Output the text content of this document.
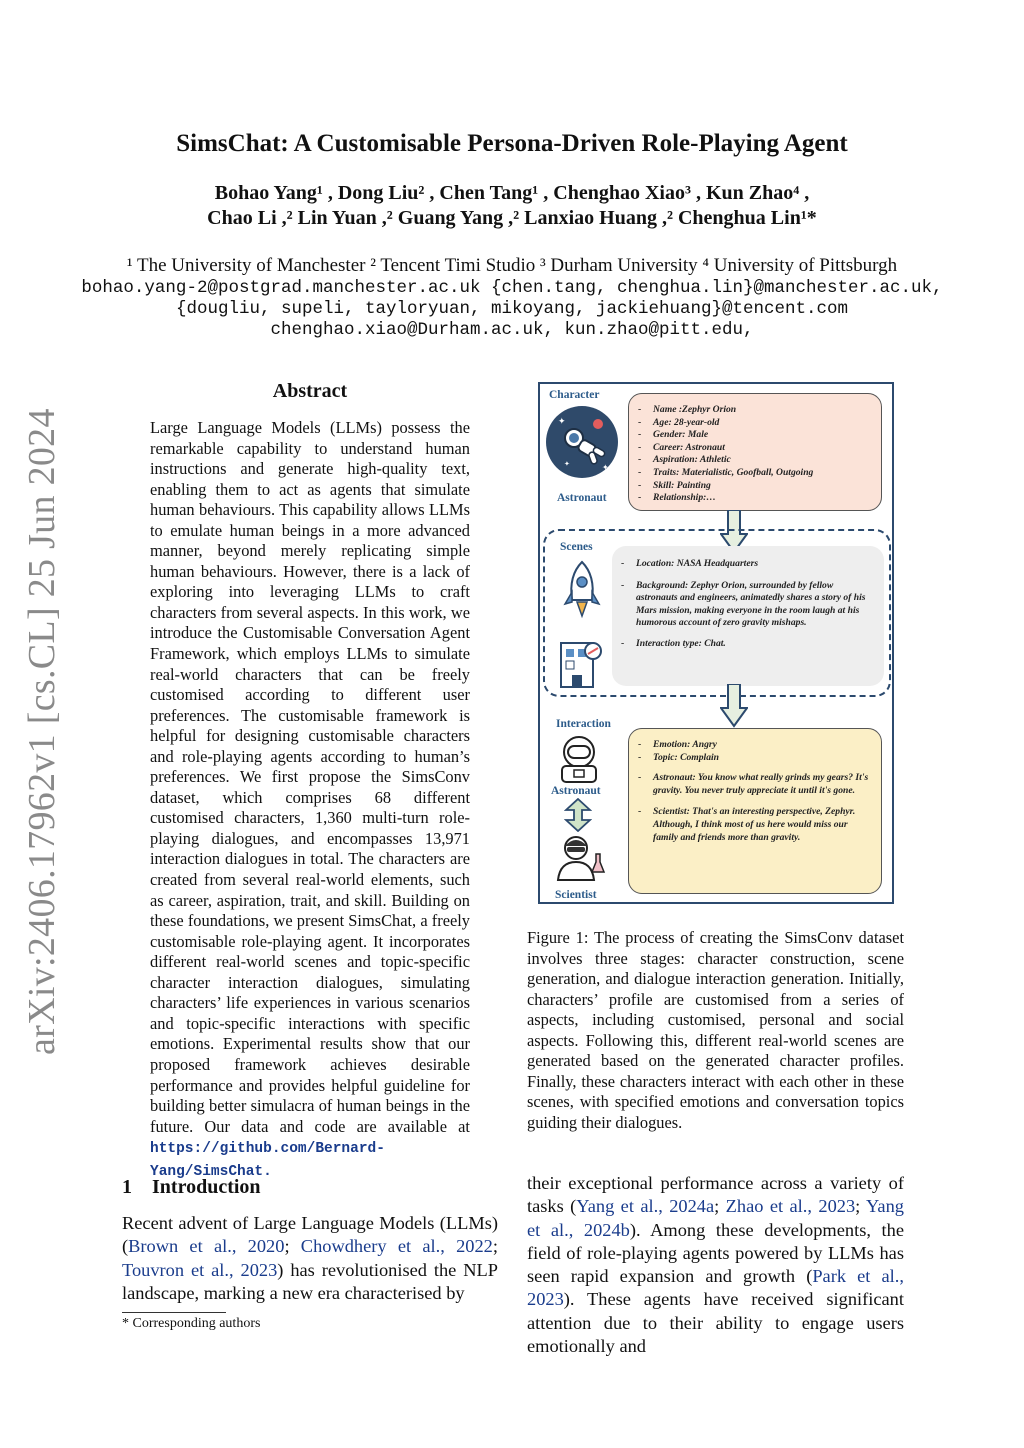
SimsChat: A Customisable Persona-Driven Role-Playing Agent
Bohao Yang¹ , Dong Liu² , Chen Tang¹ , Chenghao Xiao³ , Kun Zhao⁴ ,
Chao Li ,² Lin Yuan ,² Guang Yang ,² Lanxiao Huang ,² Chenghua Lin¹*
¹ The University of Manchester ² Tencent Timi Studio ³ Durham University ⁴ University of Pittsburgh
bohao.yang-2@postgrad.manchester.ac.uk {chen.tang, chenghua.lin}@manchester.ac.uk,
{dougliu, supeli, tayloryuan, mikoyang, jackiehuang}@tencent.com
chenghao.xiao@Durham.ac.uk, kun.zhao@pitt.edu,
arXiv:2406.17962v1 [cs.CL] 25 Jun 2024
Abstract
Large Language Models (LLMs) possess the remarkable capability to understand human instructions and generate high-quality text, enabling them to act as agents that simulate human behaviours. This capability allows LLMs to emulate human beings in a more advanced manner, beyond merely replicating simple human behaviours. However, there is a lack of exploring into leveraging LLMs to craft characters from several aspects. In this work, we introduce the Customisable Conversation Agent Framework, which employs LLMs to simulate real-world characters that can be freely customised according to different user preferences. The customisable framework is helpful for designing customisable characters and role-playing agents according to human’s preferences. We first propose the SimsConv dataset, which comprises 68 different customised characters, 1,360 multi-turn role-playing dialogues, and encompasses 13,971 interaction dialogues in total. The characters are created from several real-world elements, such as career, aspiration, trait, and skill. Building on these foundations, we present SimsChat, a freely customisable role-playing agent. It incorporates different real-world scenes and topic-specific character interaction dialogues, simulating characters’ life experiences in various scenarios and topic-specific interactions with specific emotions. Experimental results show that our proposed framework achieves desirable performance and provides helpful guideline for building better simulacra of human beings in the future. Our data and code are available at https://github.com/Bernard-Yang/SimsChat.
1 Introduction
Recent advent of Large Language Models (LLMs) (Brown et al., 2020; Chowdhery et al., 2022; Touvron et al., 2023) has revolutionised the NLP landscape, marking a new era characterised by
* Corresponding authors
their exceptional performance across a variety of tasks (Yang et al., 2024a; Zhao et al., 2023; Yang et al., 2024b). Among these developments, the field of role-playing agents powered by LLMs has seen rapid expansion and growth (Park et al., 2023). These agents have received significant attention due to their ability to engage users emotionally and
Character
✦
✦
✦
Astronaut
- Name :Zephyr Orion
- Age: 28-year-old
- Gender: Male
- Career: Astronaut
- Aspiration: Athletic
- Traits: Materialistic, Goofball, Outgoing
- Skill: Painting
- Relationship:…
Scenes
- Location: NASA Headquarters
- Background: Zephyr Orion, surrounded by fellow astronauts and engineers, animatedly shares a story of his Mars mission, making everyone in the room laugh at his humorous account of zero gravity mishaps.
- Interaction type: Chat.
Interaction
Astronaut
Scientist
- Emotion: Angry
- Topic: Complain
- Astronaut: You know what really grinds my gears? It's gravity. You never truly appreciate it until it's gone.
- Scientist: That's an interesting perspective, Zephyr. Although, I think most of us here would miss our family and friends more than gravity.
Figure 1: The process of creating the SimsConv dataset involves three stages: character construction, scene generation, and dialogue interaction generation. Initially, characters’ profile are customised from a series of aspects, including customised, personal and social aspects. Following this, different real-world scenes are generated based on the generated character profiles. Finally, these characters interact with each other in these scenes, with specified emotions and conversation topics guiding their dialogues.
